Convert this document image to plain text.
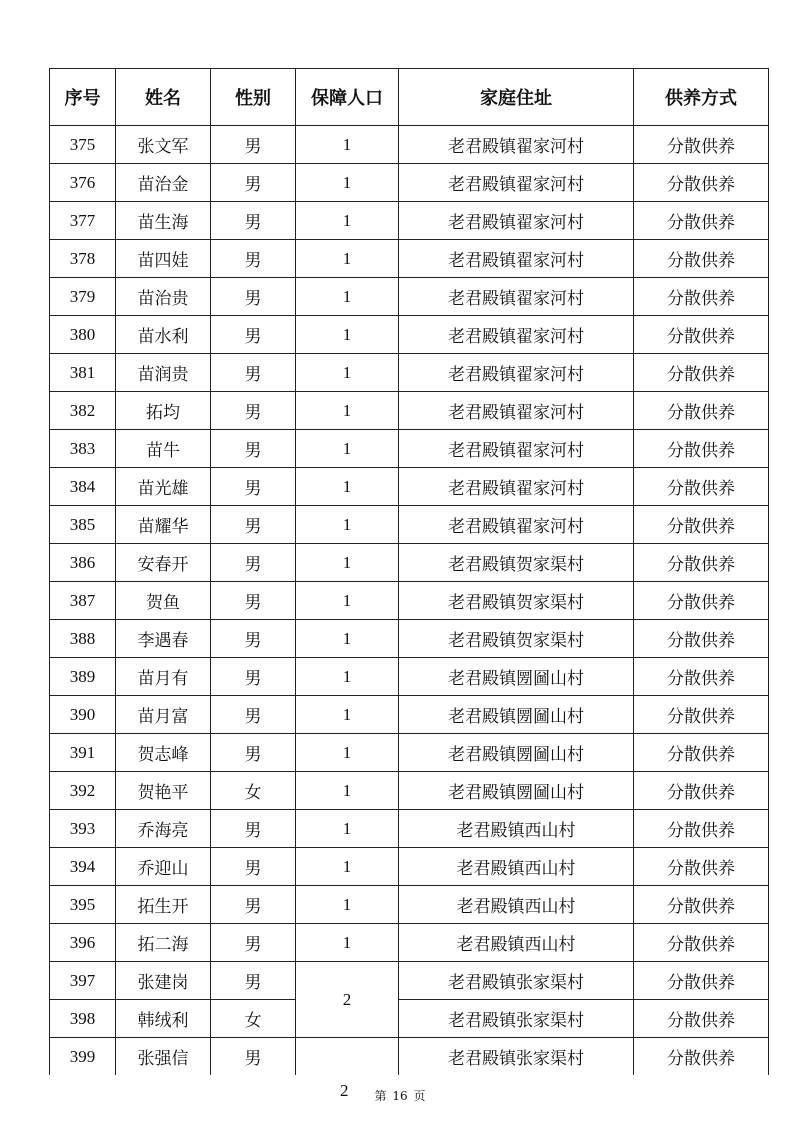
序号	姓名	性别	保障人口	家庭住址	供养方式
375	张文军	男	1	老君殿镇翟家河村	分散供养
376	苗治金	男	1	老君殿镇翟家河村	分散供养
377	苗生海	男	1	老君殿镇翟家河村	分散供养
378	苗四娃	男	1	老君殿镇翟家河村	分散供养
379	苗治贵	男	1	老君殿镇翟家河村	分散供养
380	苗水利	男	1	老君殿镇翟家河村	分散供养
381	苗润贵	男	1	老君殿镇翟家河村	分散供养
382	拓均	男	1	老君殿镇翟家河村	分散供养
383	苗牛	男	1	老君殿镇翟家河村	分散供养
384	苗光雄	男	1	老君殿镇翟家河村	分散供养
385	苗耀华	男	1	老君殿镇翟家河村	分散供养
386	安春开	男	1	老君殿镇贺家渠村	分散供养
387	贺鱼	男	1	老君殿镇贺家渠村	分散供养
388	李遇春	男	1	老君殿镇贺家渠村	分散供养
389	苗月有	男	1	老君殿镇圐圙山村	分散供养
390	苗月富	男	1	老君殿镇圐圙山村	分散供养
391	贺志峰	男	1	老君殿镇圐圙山村	分散供养
392	贺艳平	女	1	老君殿镇圐圙山村	分散供养
393	乔海亮	男	1	老君殿镇西山村	分散供养
394	乔迎山	男	1	老君殿镇西山村	分散供养
395	拓生开	男	1	老君殿镇西山村	分散供养
396	拓二海	男	1	老君殿镇西山村	分散供养
397	张建岗	男	2	老君殿镇张家渠村	分散供养
398	韩绒利	女		老君殿镇张家渠村	分散供养
399	张强信	男		老君殿镇张家渠村	分散供养
2	第 16 页
